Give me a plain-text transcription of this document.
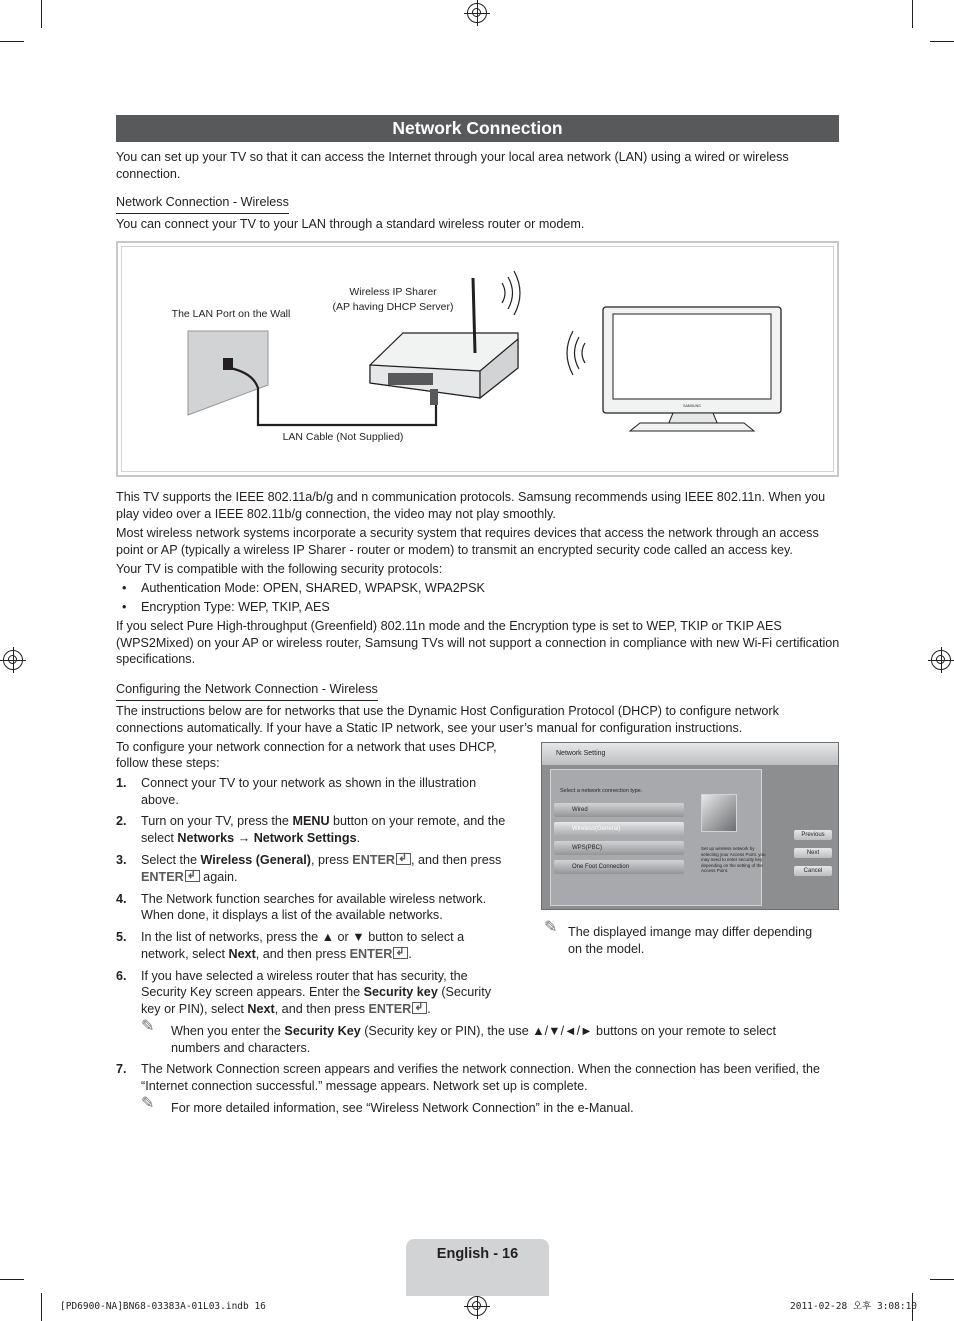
Network Connection
You can set up your TV so that it can access the Internet through your local area network (LAN) using a wired or wireless connection.
Network Connection - Wireless
You can connect your TV to your LAN through a standard wireless router or modem.
The LAN Port on the Wall
Wireless IP Sharer
(AP having DHCP Server)
LAN Cable (Not Supplied)
SAMSUNG
This TV supports the IEEE 802.11a/b/g and n communication protocols. Samsung recommends using IEEE 802.11n. When you play video over a IEEE 802.11b/g connection, the video may not play smoothly.
Most wireless network systems incorporate a security system that requires devices that access the network through an access point or AP (typically a wireless IP Sharer - router or modem) to transmit an encrypted security code called an access key.
Your TV is compatible with the following security protocols:
• Authentication Mode: OPEN, SHARED, WPAPSK, WPA2PSK
• Encryption Type: WEP, TKIP, AES
If you select Pure High-throughput (Greenfield) 802.11n mode and the Encryption type is set to WEP, TKIP or TKIP AES (WPS2Mixed) on your AP or wireless router, Samsung TVs will not support a connection in compliance with new Wi-Fi certification specifications.
Configuring the Network Connection - Wireless
The instructions below are for networks that use the Dynamic Host Configuration Protocol (DHCP) to configure network connections automatically. If your have a Static IP network, see your user’s manual for configuration instructions.
To configure your network connection for a network that uses DHCP,
follow these steps:
1. Connect your TV to your network as shown in the illustration
above.
2. Turn on your TV, press the MENU button on your remote, and the
select Networks → Network Settings.
3. Select the Wireless (General), press ENTER ↲ , and then press
ENTER↲ again.
4. The Network function searches for available wireless network.
When done, it displays a list of the available networks.
5. In the list of networks, press the ▲ or ▼ button to select a
network, select Next, and then press ENTER ↲ .
6. If you have selected a wireless router that has security, the
Security Key screen appears. Enter the Security key (Security
key or PIN), select Next, and then press ENTER ↲ .
✎ When you enter the Security Key (Security key or PIN), the use ▲/▼/◄/► buttons on your remote to select
numbers and characters.
7. The Network Connection screen appears and verifies the network connection. When the connection has been verified, the
“Internet connection successful.” message appears. Network set up is complete.
✎ For more detailed information, see “Wireless Network Connection” in the e-Manual.
Network Setting
Select a network connection type.
Wired
Wireless(General)
WPS(PBC)
One Foot Connection
Set up wireless network by selecting your Access Point. you may need to enter security key depending on the setting of the Access Point.
Previous
Next
Cancel
✎ The displayed imange may differ depending
on the model.
English - 16
[PD6900-NA]BN68-03383A-01L03.indb 16	2011-02-28 오후 3:08:10
